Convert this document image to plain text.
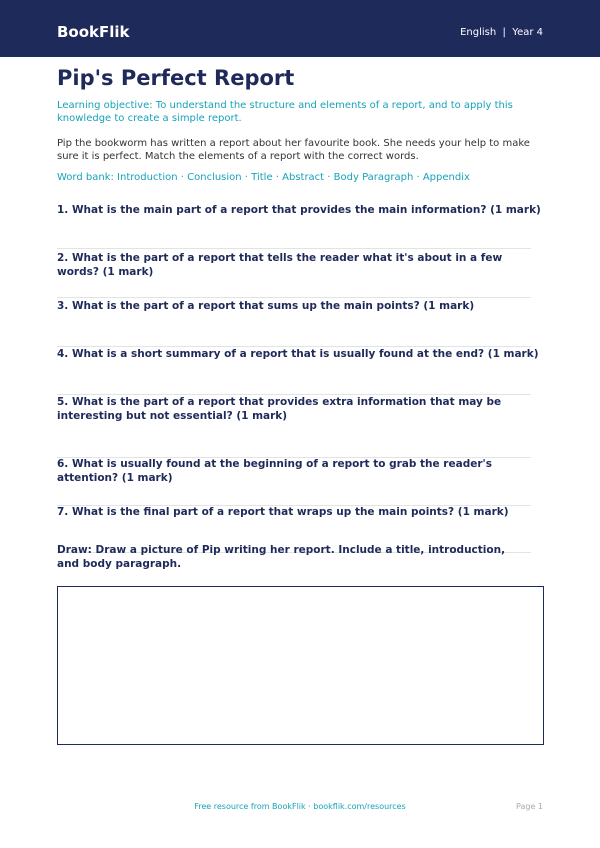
BookFlik	English  |  Year 4
Pip's Perfect Report
Learning objective: To understand the structure and elements of a report, and to apply this knowledge to create a simple report.
Pip the bookworm has written a report about her favourite book. She needs your help to make sure it is perfect. Match the elements of a report with the correct words.
Word bank: Introduction · Conclusion · Title · Abstract · Body Paragraph · Appendix
1. What is the main part of a report that provides the main information? (1 mark)
2. What is the part of a report that tells the reader what it's about in a few words? (1 mark)
3. What is the part of a report that sums up the main points? (1 mark)
4. What is a short summary of a report that is usually found at the end? (1 mark)
5. What is the part of a report that provides extra information that may be interesting but not essential? (1 mark)
6. What is usually found at the beginning of a report to grab the reader's attention? (1 mark)
7. What is the final part of a report that wraps up the main points? (1 mark)
Draw: Draw a picture of Pip writing her report. Include a title, introduction, and body paragraph.
Free resource from BookFlik · bookflik.com/resources	Page 1
